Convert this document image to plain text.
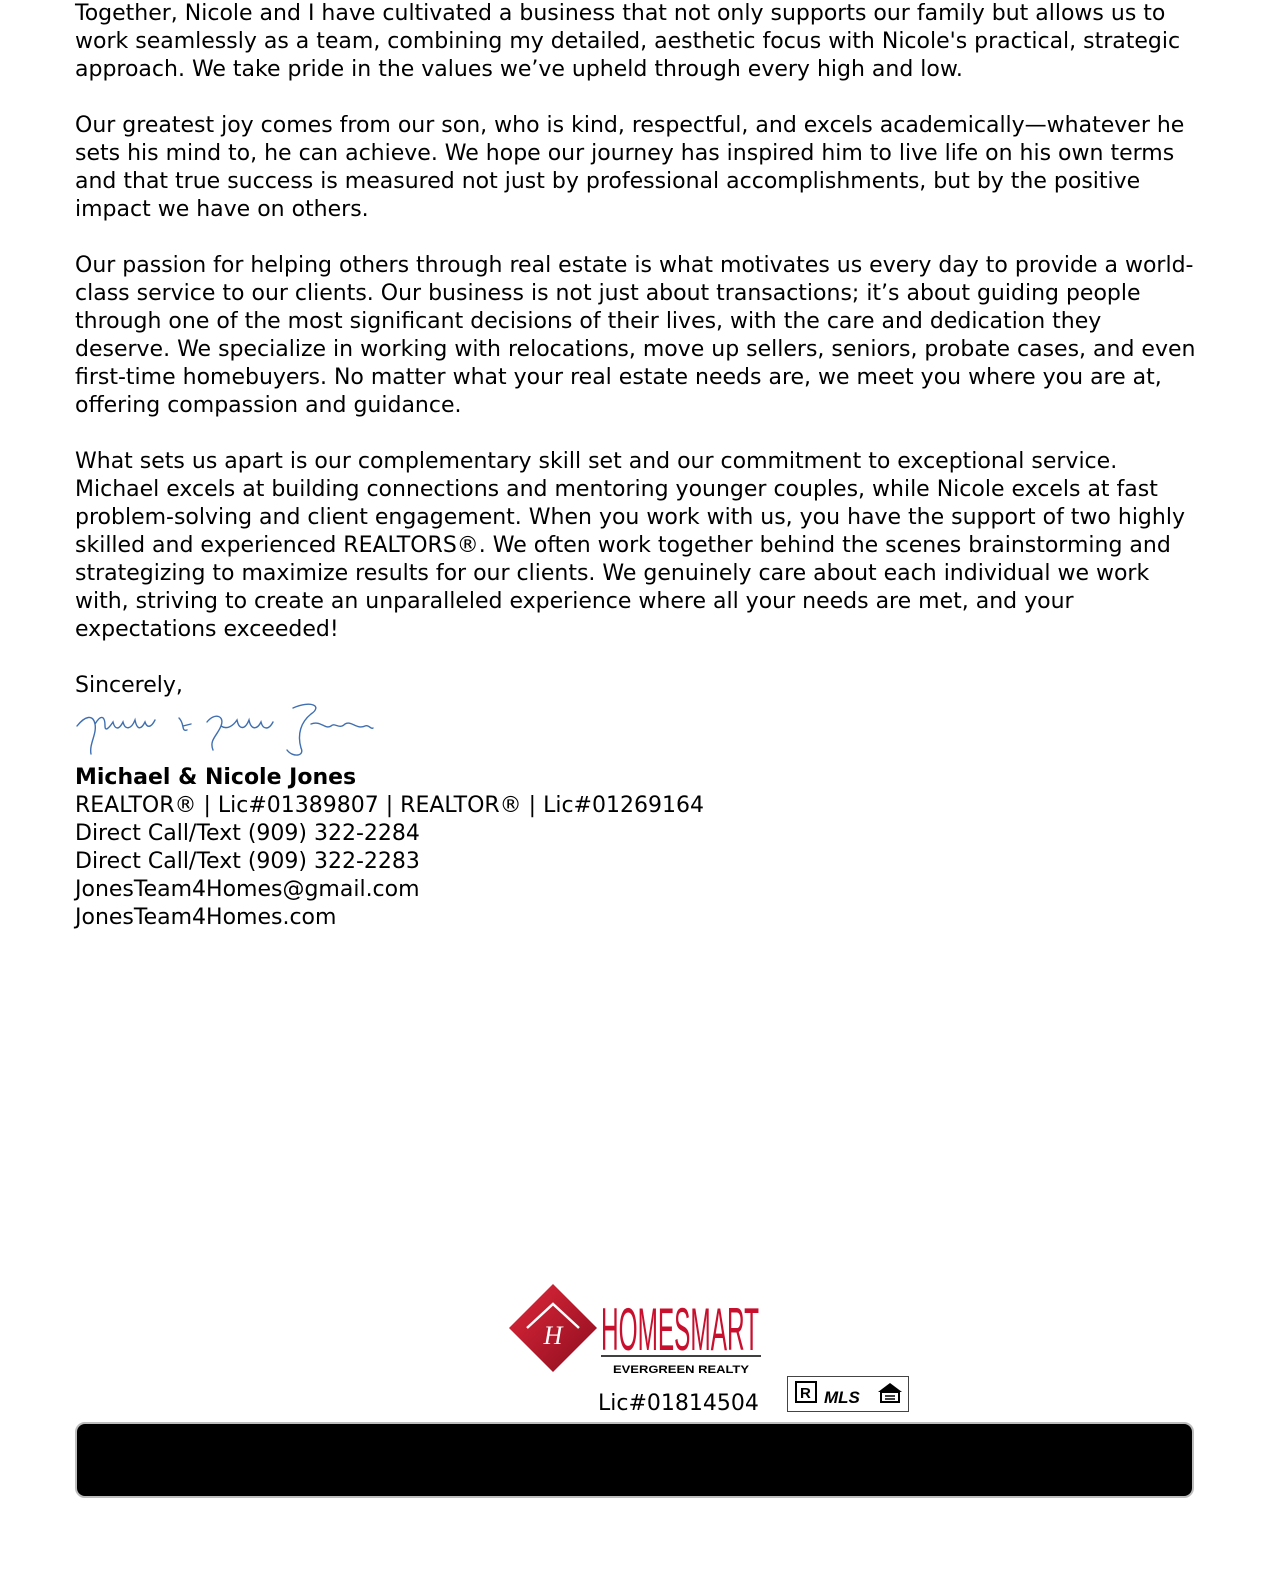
Together, Nicole and I have cultivated a business that not only supports our family but allows us to work seamlessly as a team, combining my detailed, aesthetic focus with Nicole's practical, strategic approach. We take pride in the values we’ve upheld through every high and low.

Our greatest joy comes from our son, who is kind, respectful, and excels academically—whatever he sets his mind to, he can achieve. We hope our journey has inspired him to live life on his own terms and that true success is measured not just by professional accomplishments, but by the positive impact we have on others.

Our passion for helping others through real estate is what motivates us every day to provide a world-class service to our clients. Our business is not just about transactions; it’s about guiding people through one of the most significant decisions of their lives, with the care and dedication they deserve. We specialize in working with relocations, move up sellers, seniors, probate cases, and even first-time homebuyers. No matter what your real estate needs are, we meet you where you are at, offering compassion and guidance.

What sets us apart is our complementary skill set and our commitment to exceptional service. Michael excels at building connections and mentoring younger couples, while Nicole excels at fast problem-solving and client engagement. When you work with us, you have the support of two highly skilled and experienced REALTORS®. We often work together behind the scenes brainstorming and strategizing to maximize results for our clients. We genuinely care about each individual we work with, striving to create an unparalleled experience where all your needs are met, and your expectations exceeded!

Sincerely,

Michael & Nicole Jones
REALTOR® | Lic#01389807 | REALTOR® | Lic#01269164
Direct Call/Text (909) 322-2284
Direct Call/Text (909) 322-2283
JonesTeam4Homes@gmail.com
JonesTeam4Homes.com
H HOMESMART
EVERGREEN REALTY
Lic#01814504	R MLS
